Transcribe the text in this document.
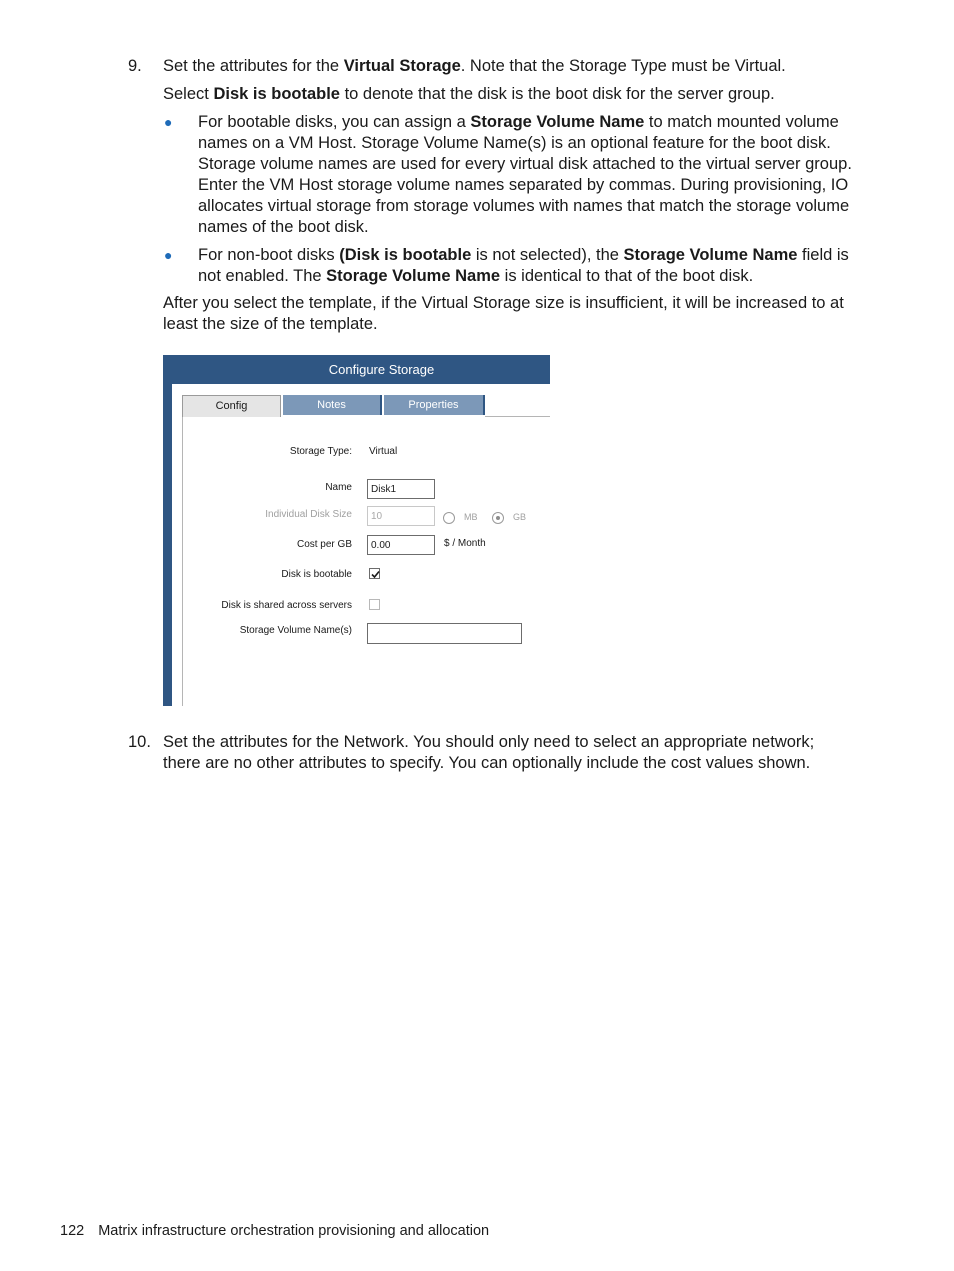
9. Set the attributes for the Virtual Storage. Note that the Storage Type must be Virtual.
Select Disk is bootable to denote that the disk is the boot disk for the server group.
● For bootable disks, you can assign a Storage Volume Name to match mounted volume names on a VM Host. Storage Volume Name(s) is an optional feature for the boot disk. Storage volume names are used for every virtual disk attached to the virtual server group. Enter the VM Host storage volume names separated by commas. During provisioning, IO allocates virtual storage from storage volumes with names that match the storage volume names of the boot disk.
● For non-boot disks (Disk is bootable is not selected), the Storage Volume Name field is not enabled. The Storage Volume Name is identical to that of the boot disk.
After you select the template, if the Virtual Storage size is insufficient, it will be increased to at least the size of the template.
Configure Storage
Config	Notes	Properties
Storage Type: Virtual
Name	Disk1
Individual Disk Size	10	MB	GB
Cost per GB	0.00	$ / Month
Disk is bootable
Disk is shared across servers
Storage Volume Name(s)
10. Set the attributes for the Network. You should only need to select an appropriate network; there are no other attributes to specify. You can optionally include the cost values shown.
122 Matrix infrastructure orchestration provisioning and allocation
